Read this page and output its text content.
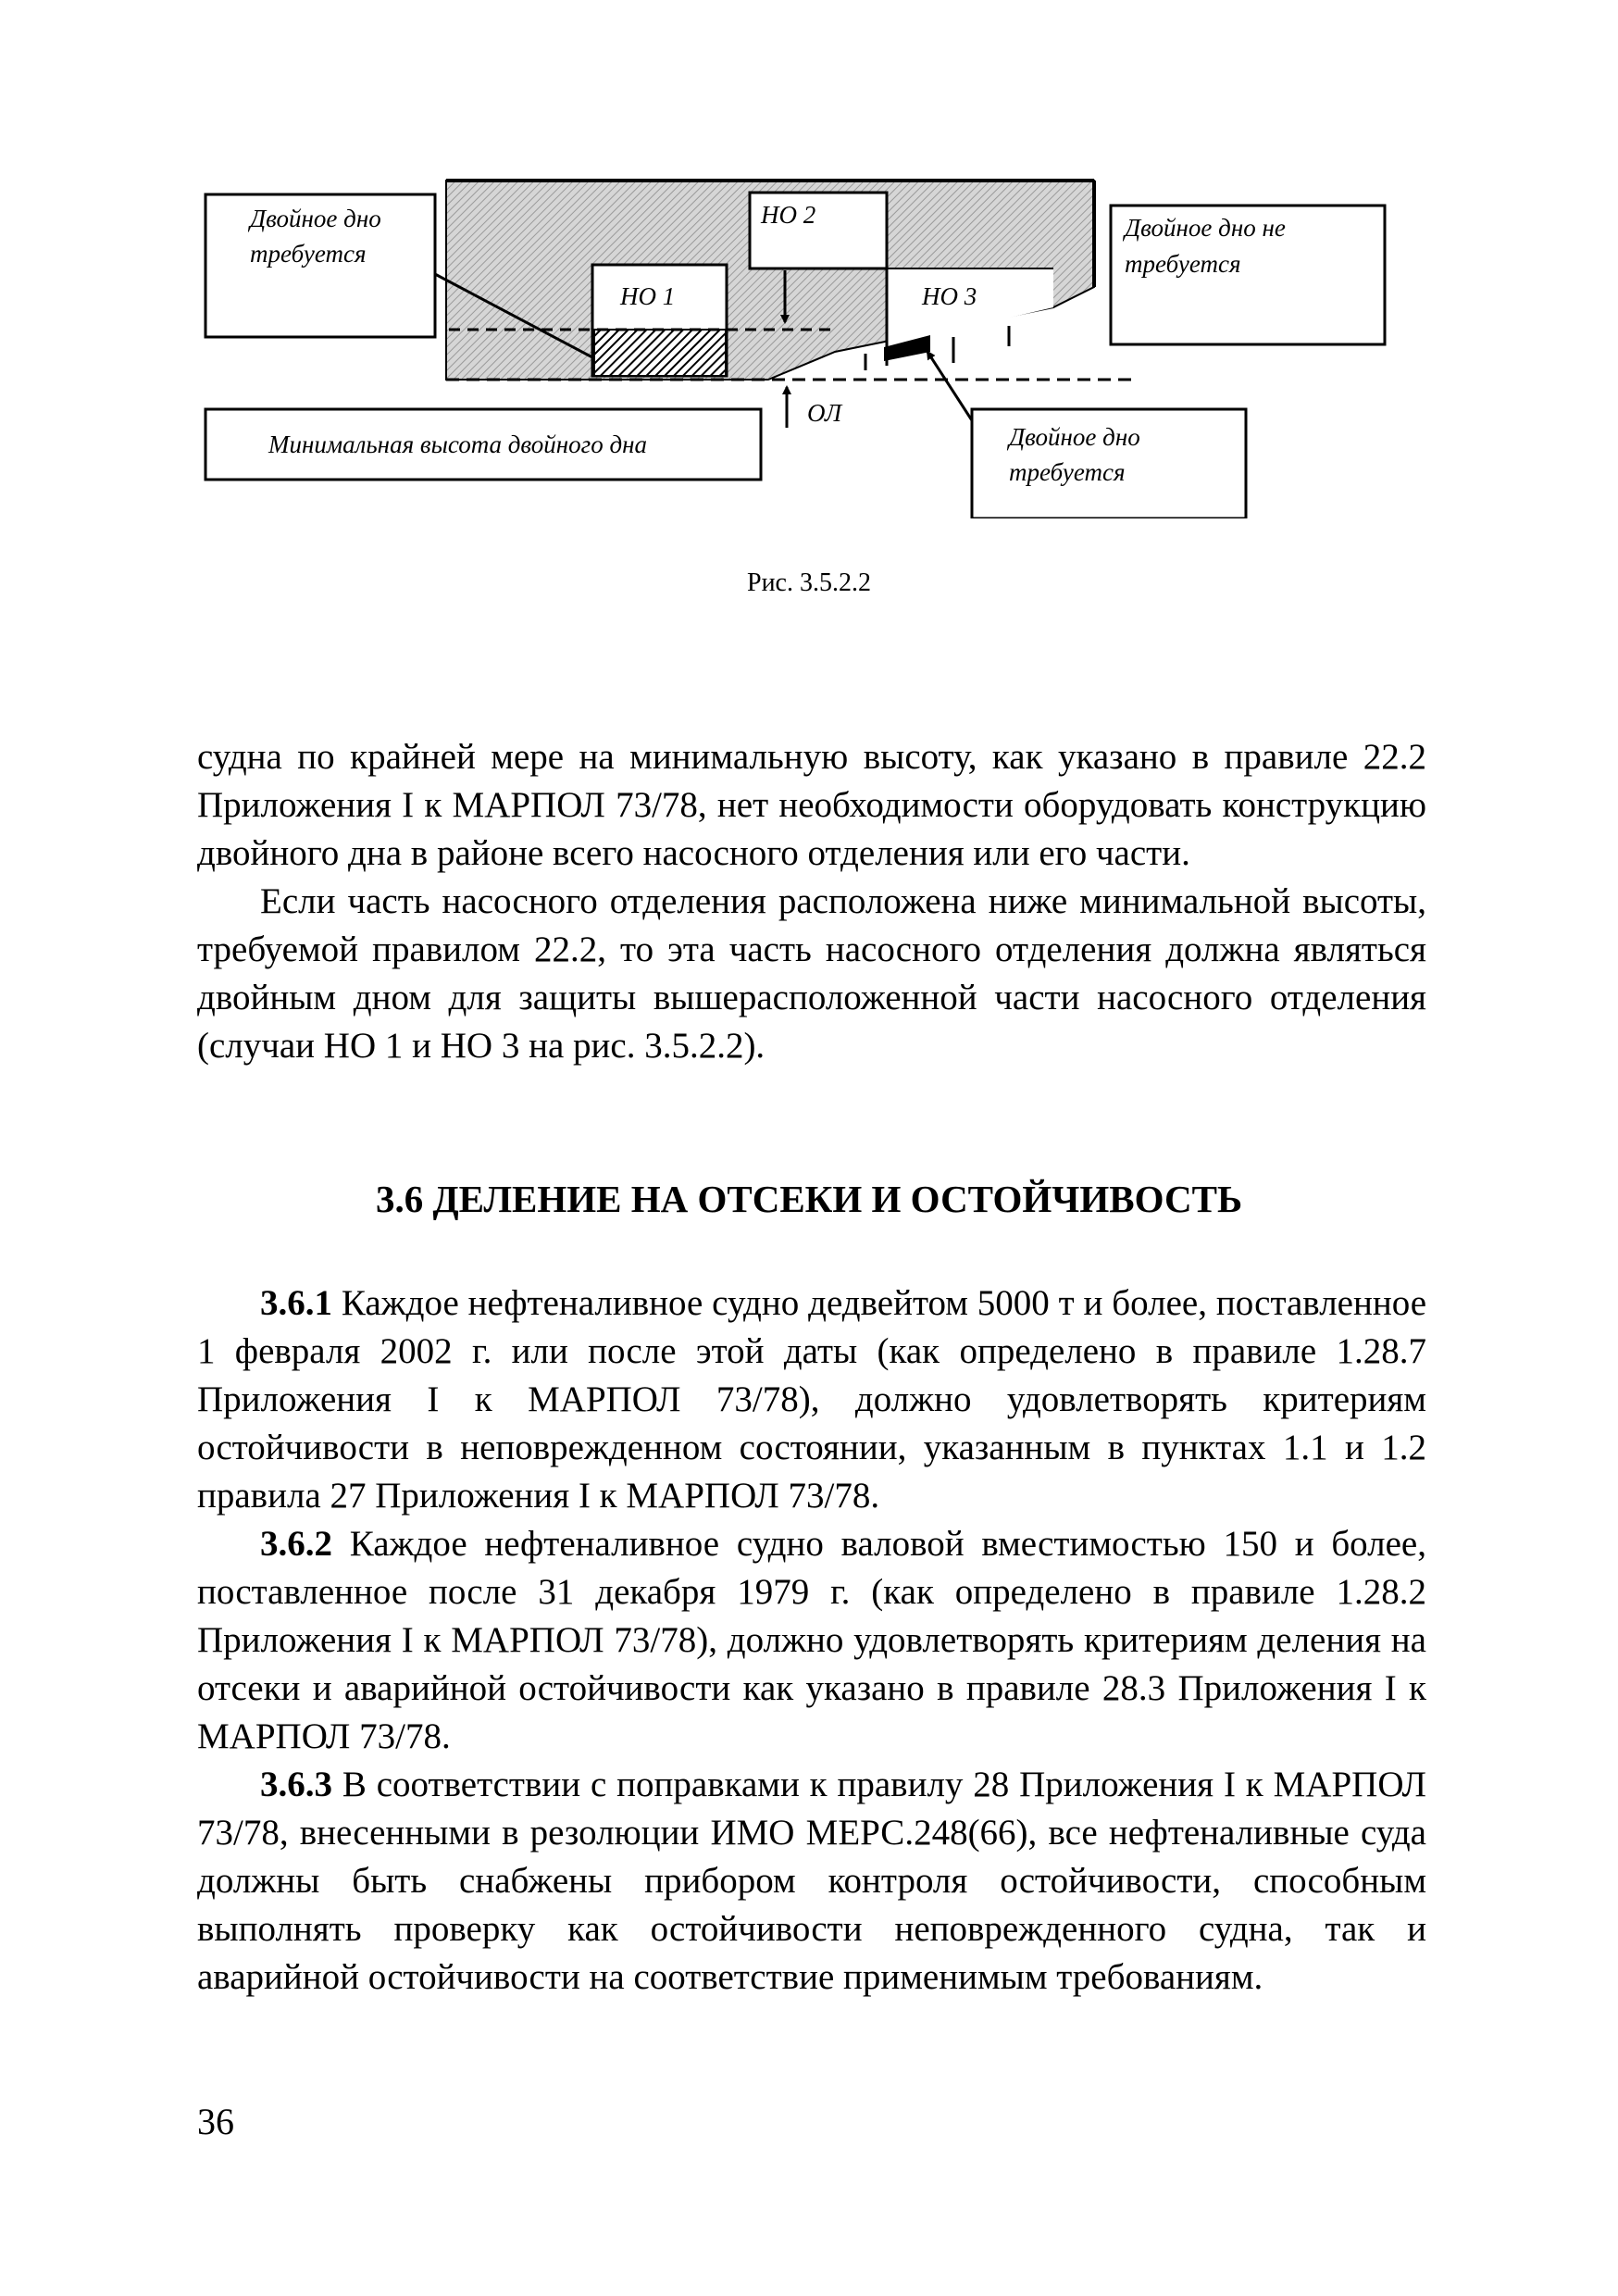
Двойное дно
требуется
Двойное дно не
требуется
Минимальная высота двойного дна	Двойное дно
требуется
НО 1
НО 2
НО 3
ОЛ
Рис. 3.5.2.2

судна по крайней мере на минимальную высоту, как указано в правиле 22.2 Приложения I к МАРПОЛ 73/78, нет необходимости оборудовать конструкцию двойного дна в районе всего насосного отделения или его части.

Если часть насосного отделения расположена ниже минимальной высоты, требуемой правилом 22.2, то эта часть насосного отделения должна являться двойным дном для защиты вышерасположенной части насосного отделения (случаи НО 1 и НО 3 на рис. 3.5.2.2).

3.6 ДЕЛЕНИЕ НА ОТСЕКИ И ОСТОЙЧИВОСТЬ

3.6.1 Каждое нефтеналивное судно дедвейтом 5000 т и более, поставленное 1 февраля 2002 г. или после этой даты (как определено в правиле 1.28.7 Приложения I к МАРПОЛ 73/78), должно удовлетворять критериям остойчивости в неповрежденном состоянии, указанным в пунктах 1.1 и 1.2 правила 27 Приложения I к МАРПОЛ 73/78.

3.6.2 Каждое нефтеналивное судно валовой вместимостью 150 и более, поставленное после 31 декабря 1979 г. (как определено в правиле 1.28.2 Приложения I к МАРПОЛ 73/78), должно удовлетворять критериям деления на отсеки и аварийной остойчивости как указано в правиле 28.3 Приложения I к МАРПОЛ 73/78.

3.6.3 В соответствии с поправками к правилу 28 Приложения I к МАРПОЛ 73/78, внесенными в резолюции ИМО МЕРС.248(66), все нефтеналивные суда должны быть снабжены прибором контроля остойчивости, способным выполнять проверку как остойчивости неповрежденного судна, так и аварийной остойчивости на соответствие применимым требованиям.

36
